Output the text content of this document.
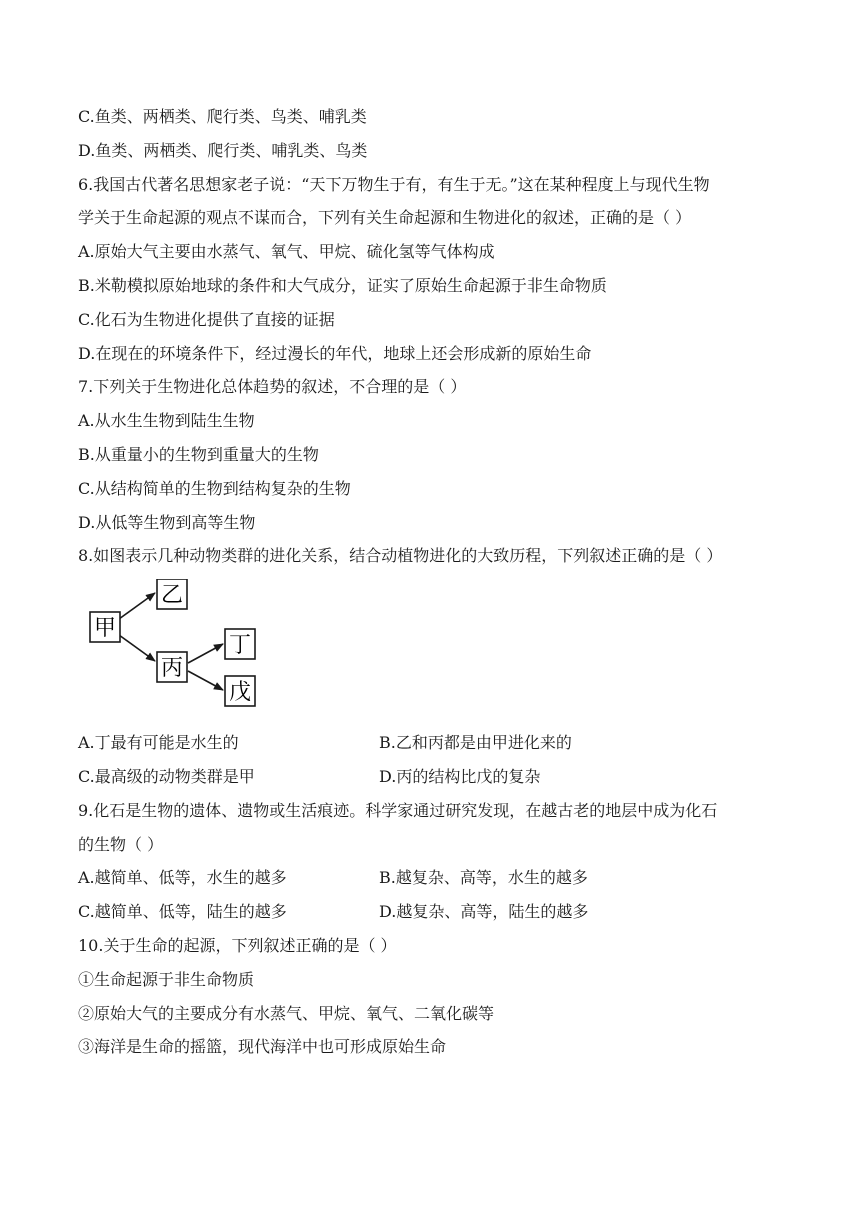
C.鱼类、两栖类、爬行类、鸟类、哺乳类
D.鱼类、两栖类、爬行类、哺乳类、鸟类
6.我国古代著名思想家老子说：“天下万物生于有，有生于无。”这在某种程度上与现代生物
学关于生命起源的观点不谋而合，下列有关生命起源和生物进化的叙述，正确的是（ ）
A.原始大气主要由水蒸气、氧气、甲烷、硫化氢等气体构成
B.米勒模拟原始地球的条件和大气成分，证实了原始生命起源于非生命物质
C.化石为生物进化提供了直接的证据
D.在现在的环境条件下，经过漫长的年代，地球上还会形成新的原始生命
7.下列关于生物进化总体趋势的叙述，不合理的是（ ）
A.从水生生物到陆生生物
B.从重量小的生物到重量大的生物
C.从结构简单的生物到结构复杂的生物
D.从低等生物到高等生物
8.如图表示几种动物类群的进化关系，结合动植物进化的大致历程，下列叙述正确的是（ ）
甲
乙
丙
丁
戊
A.丁最有可能是水生的	B.乙和丙都是由甲进化来的
C.最高级的动物类群是甲	D.丙的结构比戊的复杂
9.化石是生物的遗体、遗物或生活痕迹。科学家通过研究发现，在越古老的地层中成为化石
的生物（ ）
A.越简单、低等，水生的越多	B.越复杂、高等，水生的越多
C.越简单、低等，陆生的越多	D.越复杂、高等，陆生的越多
10.关于生命的起源，下列叙述正确的是（ ）
①生命起源于非生命物质
②原始大气的主要成分有水蒸气、甲烷、氧气、二氧化碳等
③海洋是生命的摇篮，现代海洋中也可形成原始生命
